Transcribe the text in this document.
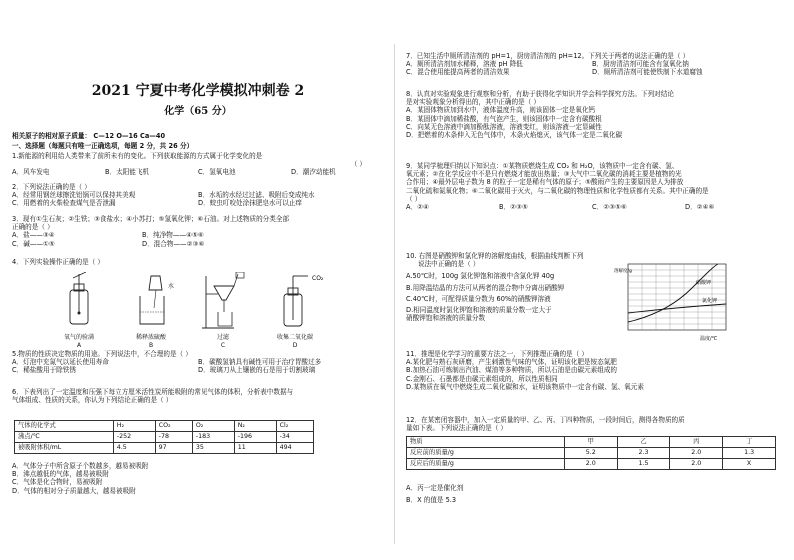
2021 宁夏中考化学模拟冲刺卷 2
化学（65 分）
相关原子的相对原子质量： C—12 O—16 Ca—40
一、选择题（每题只有唯一正确选项，每题 2 分，共 26 分）
1.新能源的利用给人类带来了前所未有的变化。下列获取能源的方式属于化学变化的是
（ ）
A．风车发电	B．太阳能飞机	C．氢氧电池	D．潮汐动能机
2．下列说法正确的是（ ）
A．经常用钢丝球擦洗铝锅可以保持其美观	B．水垢的水经过过滤、吸附后变成纯水
C．用燃着的火柴检查煤气是否泄漏	D．蛟虫叮咬处涂抹肥皂水可以止痒
3．现有①生石灰；②生铁；③食盐水；④小苏打；⑤氢氧化钾；⑥石油。对上述物质的分类全部
正确的是（ ）
A．盐——③④	B．纯净物——④⑤⑥
C．碱——①⑤	D．混合物——②③⑥
4．下列实验操作正确的是（ ）
水
CO₂
氧气的验满	稀释浓硫酸	过滤	收集二氧化碳
A	B	C	D
5.物质的性质决定物质的用途。下列说法中，不合理的是（ ）
A．灯泡中充氮气以延长使用寿命	B．碳酸氢钠具有碱性可用于治疗胃酸过多
C．稀盐酸用于除铁锈	D．玻璃刀从上镶嵌的石是用于切割玻璃
6．下表列出了一定温度和压强下每立方厘米活性炭所能吸附的常见气体的体积，分析表中数据与
气体组成、性质的关系，你认为下列结论正确的是（ ）
气体的化学式	H₂	CO₂	O₂	N₂	Cl₂
沸点/℃	-252	-78	-183	-196	-34
被吸附体积/mL	4.5	97	35	11	494
A．气体分子中所含原子个数越多，越易被吸附
B．沸点越低的气体，越易被吸附
C．气体是化合物时，易被吸附
D．气体的相对分子质量越大，越易被吸附
7．已知生活中厕所清洁剂的 pH=1，厨房清洁剂的 pH=12。下列关于两者的说法正确的是（ ）
A．厕所清洁剂加水稀释，溶液 pH 降低	B．厨房清洁剂可能含有氢氧化钠
C．混合使用能提高两者的清洁效果	D．厕所清洁剂可能使铁制下水道腐蚀
8．认真对实验观象进行观察和分析，有助于获得化学知识并学会科学探究方法。下列对结论
是对实验观象分析得出的，其中正确的是（ ）
A．某固体物质加到水中，液体温度升高，则该固体一定是氧化钙
B．某固体中滴加稀盐酸，有气泡产生，则该固体中一定含有碳酸根
C．向某无色溶液中滴加酚酞溶液，溶液变红，则该溶液一定显碱性
D．把燃着的木条伸入无色气体中，木条火焰熄灭，该气体一定是二氧化碳
9．某同学梳理归纳以下知识点：①某物质燃烧生成 CO₂ 和 H₂O，该物质中一定含有碳、氢、
氧元素；②在化学反应中不是只有燃烧才能放出热量；③大气中二氧化碳的消耗主要是植物的光
合作用；④最外层电子数为 8 的粒子一定是稀有气体的原子；⑤酸雨产生的主要原因是人为排放
二氧化硫和氮氧化物；⑥二氧化碳用于灭火，与二氧化碳的物理性质和化学性质都有关系。其中正确的是
（ ）
A．②④	B．②③⑤	C．②③⑤⑥	D．②④⑥
10. 右图是硝酸钾和氯化钾的溶解度曲线，根据曲线判断下列
说法中正确的是（ ）
A.50℃时，100g 氯化钾饱和溶液中含氯化钾 40g
B.用降温结晶的方法可从两者的混合物中分离出硝酸钾
C.40℃时，可配得质量分数为 60%的硝酸钾溶液
D.相同温度时氯化钾饱和溶液的质量分数一定大于
硝酸钾饱和溶液的质量分数
硝酸钾
氯化钾
溶解度/g
温度/℃
11．推理是化学学习的重要方法之一，下列推理正确的是（ ）
A.某化肥与熟石灰研磨，产生刺激性气味的气体，证明该化肥是铵态氮肥
B.加热石油可炼制出汽油、煤油等多种物质，所以石油是由碳元素组成的
C.金刚石、石墨都是由碳元素组成的，所以性质相同
D.某物质在氧气中燃烧生成二氧化碳和水，证明该物质中一定含有碳、氢、氧元素
12．在某密闭容器中，加入一定质量的甲、乙、丙、丁四种物质，一段时间后，测得各物质的质
量如下表。下列说法正确的是（ ）
物质	甲	乙	丙	丁
反应前的质量/g	5.2	2.3	2.0	1.3
反应后的质量/g	2.0	1.5	2.0	X
A．丙一定是催化剂
B．X 的值是 5.3
